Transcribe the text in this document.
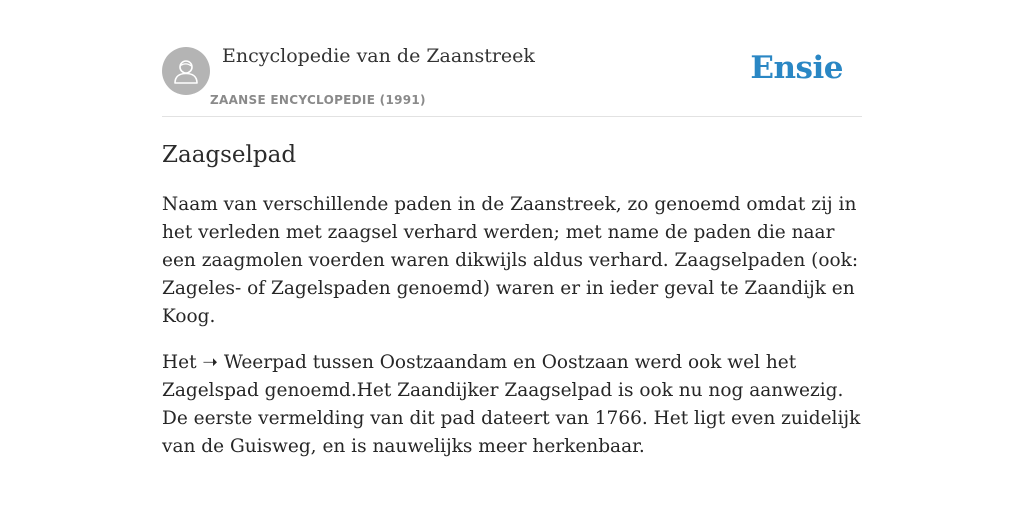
Encyclopedie van de Zaanstreek
ZAANSE ENCYCLOPEDIE (1991)
Ensie
Zaagselpad

Naam van verschillende paden in de Zaanstreek, zo genoemd omdat zij in het verleden met zaagsel verhard werden; met name de paden die naar een zaagmolen voerden waren dikwijls aldus verhard. Zaagselpaden (ook: Zageles- of Zagelspaden genoemd) waren er in ieder geval te Zaandijk en Koog.

Het ➝ Weerpad tussen Oostzaandam en Oostzaan werd ook wel het Zagelspad genoemd.Het Zaandijker Zaagselpad is ook nu nog aanwezig. De eerste vermelding van dit pad dateert van 1766. Het ligt even zuidelijk van de Guisweg, en is nauwelijks meer herkenbaar.
